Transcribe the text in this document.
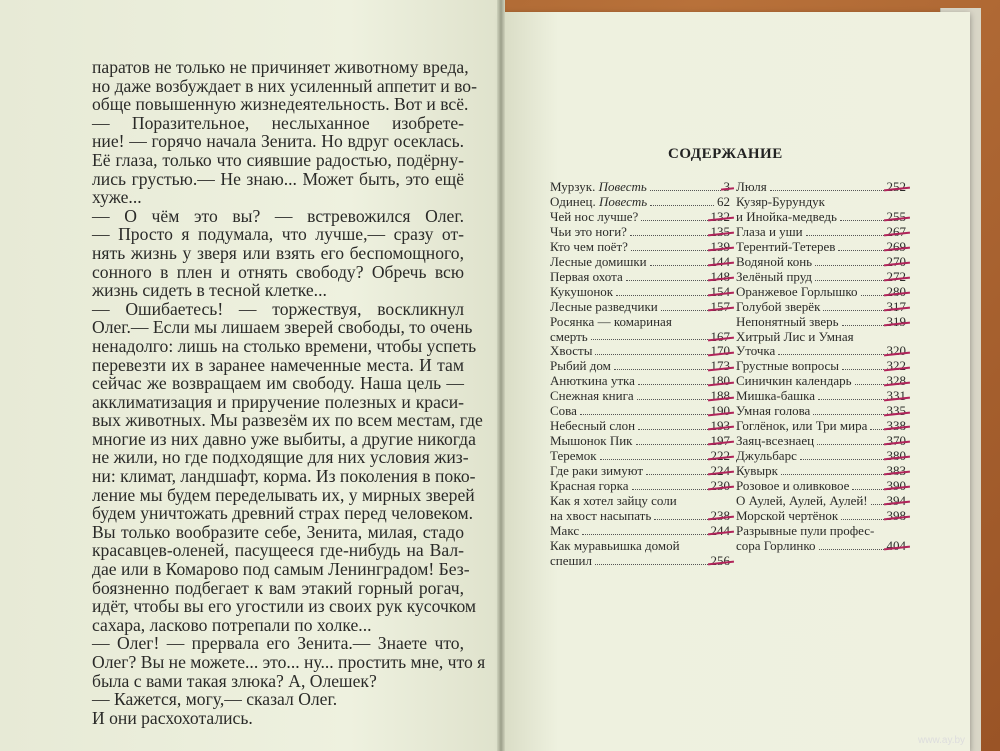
паратов не только не причиняет животному вреда,
но даже возбуждает в них усиленный аппетит и во-
обще повышенную жизнедеятельность. Вот и всё.
— Поразительное, неслыханное изобрете-
ние! — горячо начала Зенита. Но вдруг осеклась.
Её глаза, только что сиявшие радостью, подёрну-
лись грустью.— Не знаю... Может быть, это ещё
хуже...
— О чём это вы? — встревожился Олег.
— Просто я подумала, что лучше,— сразу от-
нять жизнь у зверя или взять его беспомощного,
сонного в плен и отнять свободу? Обречь всю
жизнь сидеть в тесной клетке...
— Ошибаетесь! — торжествуя, воскликнул
Олег.— Если мы лишаем зверей свободы, то очень
ненадолго: лишь на столько времени, чтобы успеть
перевезти их в заранее намеченные места. И там
сейчас же возвращаем им свободу. Наша цель —
акклиматизация и приручение полезных и краси-
вых животных. Мы развезём их по всем местам, где
многие из них давно уже выбиты, а другие никогда
не жили, но где подходящие для них условия жиз-
ни: климат, ландшафт, корма. Из поколения в поко-
ление мы будем переделывать их, у мирных зверей
будем уничтожать древний страх перед человеком.
Вы только вообразите себе, Зенита, милая, стадо
красавцев-оленей, пасущееся где-нибудь на Вал-
дае или в Комарово под самым Ленинградом! Без-
боязненно подбегает к вам этакий горный рогач,
идёт, чтобы вы его угостили из своих рук кусочком
сахара, ласково потрепали по холке...
— Олег! — прервала его Зенита.— Знаете что,
Олег? Вы не можете... это... ну... простить мне, что я
была с вами такая злюка? А, Олешек?
— Кажется, могу,— сказал Олег.
И они расхохотались.
СОДЕРЖАНИЕ
Мурзук. Повесть	3
Одинец. Повесть	62
Чей нос лучше?	132
Чьи это ноги?	135
Кто чем поёт?	139
Лесные домишки	144
Первая охота	148
Кукушонок	154
Лесные разведчики	157
Росянка — комариная
смерть	167
Хвосты	170
Рыбий дом	173
Анюткина утка	180
Снежная книга	188
Сова	190
Небесный слон	193
Мышонок Пик	197
Теремок	222
Где раки зимуют	224
Красная горка	230
Как я хотел зайцу соли
на хвост насыпать	238
Макс	244
Как муравьишка домой
спешил	256
Люля	252
Кузяр-Бурундук
и Инойка-медведь	255
Глаза и уши	267
Терентий-Тетерев	269
Водяной конь	270
Зелёный пруд	272
Оранжевое Горлышко 280
Голубой зверёк	317
Непонятный зверь	319
Хитрый Лис и Умная
Уточка	320
Грустные вопросы	322
Синичкин календарь	328
Мишка-башка	331
Умная голова	335
Гоглёнок, или Три мира 338
Заяц-всезнаец	370
Джульбарс	380
Кувырк	383
Розовое и оливковое	390
О Аулей, Аулей, Аулей! 394
Морской чертёнок	398
Разрывные пули профес-
сора Горлинко	404
www.ay.by
